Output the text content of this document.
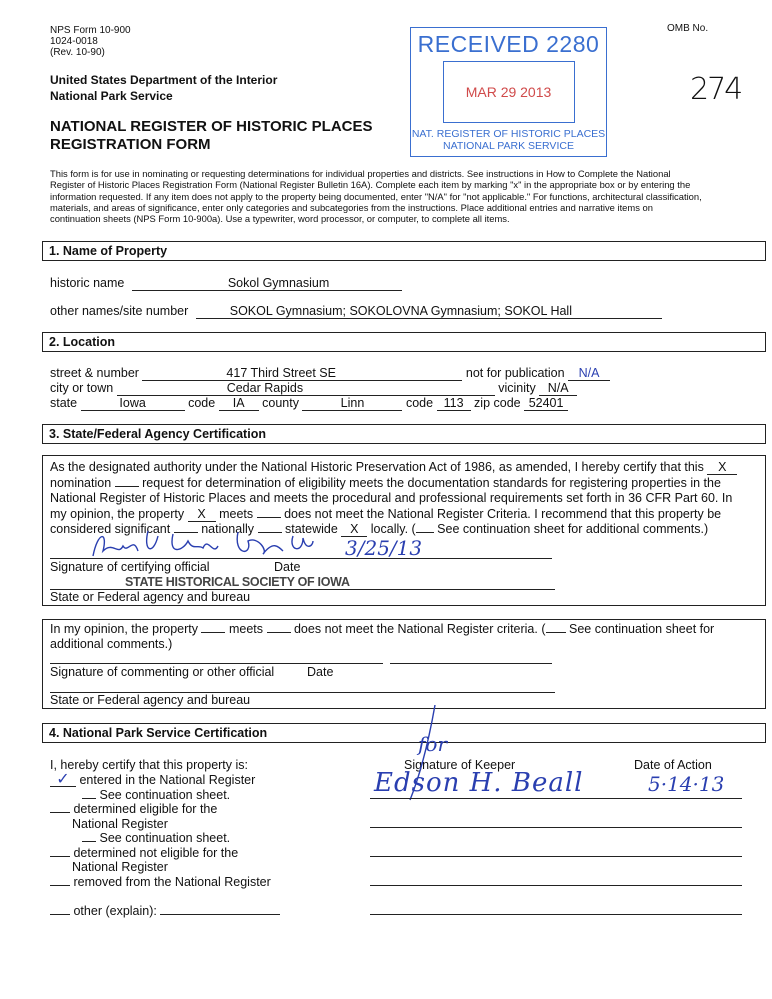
NPS Form 10-900
1024-0018
(Rev. 10-90)
OMB No.
United States Department of the Interior
National Park Service
NATIONAL REGISTER OF HISTORIC PLACES
REGISTRATION FORM
274
RECEIVED 2280
MAR 29 2013
NAT. REGISTER OF HISTORIC PLACES
NATIONAL PARK SERVICE
This form is for use in nominating or requesting determinations for individual properties and districts. See instructions in How to Complete the National
Register of Historic Places Registration Form (National Register Bulletin 16A). Complete each item by marking "x" in the appropriate box or by entering the
information requested. If any item does not apply to the property being documented, enter "N/A" for "not applicable." For functions, architectural classification,
materials, and areas of significance, enter only categories and subcategories from the instructions. Place additional entries and narrative items on
continuation sheets (NPS Form 10-900a). Use a typewriter, word processor, or computer, to complete all items.
1. Name of Property
historic name	Sokol Gymnasium
other names/site number	SOKOL Gymnasium; SOKOLOVNA Gymnasium; SOKOL Hall
2. Location
street & number	417 Third Street SE	not for publication N/A
city or town	Cedar Rapids	vicinity N/A
state	Iowa	code IA county	Linn	code 113 zip code 52401
3. State/Federal Agency Certification
As the designated authority under the National Historic Preservation Act of 1986, as amended, I hereby certify that this X
nomination request for determination of eligibility meets the documentation standards for registering properties in the
National Register of Historic Places and meets the procedural and professional requirements set forth in 36 CFR Part 60. In
my opinion, the property X meets does not meet the National Register Criteria. I recommend that this property be
considered significant nationally statewide X locally. ( See continuation sheet for additional comments.)
3/25/13
Signature of certifying official	Date
STATE HISTORICAL SOCIETY OF IOWA
State or Federal agency and bureau
In my opinion, the property meets does not meet the National Register criteria. ( See continuation sheet for
additional comments.)
Signature of commenting or other official	Date
State or Federal agency and bureau
4. National Park Service Certification
I, hereby certify that this property is:
✓ entered in the National Register
See continuation sheet.
determined eligible for the
National Register
See continuation sheet.
determined not eligible for the
National Register
removed from the National Register
other (explain):
Signature of Keeper	Date of Action
for
Edson H. Beall	5·14·13
